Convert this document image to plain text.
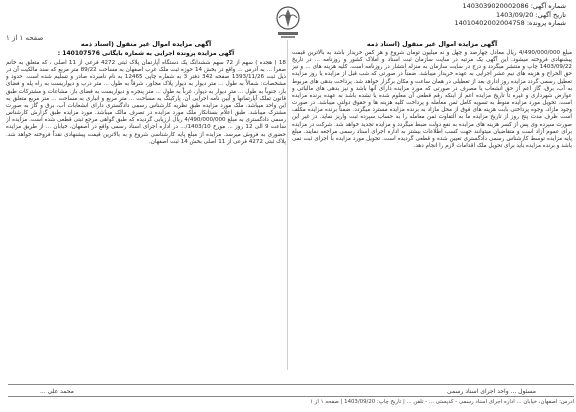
شماره آگهی: 1403039020002086
تاریخ آگهی: 1403/09/20
شماره پرونده: 14010402002004758
صفحه ۱ از ۱
آگهی مزایده اموال غیر منقول (اسناد ذمه

مبلغ 4/490/000/000 ریال معادل چهارصد و چهل و نه میلیون تومان شروع و هر کس خریدار باشد به بالاترین قیمت پیشنهادی فروخته میشود. این آگهی یک مرتبه در سایت سازمان ثبت اسناد و املاک کشور و روزنامه ... در تاریخ 1403/09/22 چاپ و منتشر میگردد و درج در سایت سازمان به منزله انتشار در روزنامه است. کلیه هزینه های ... و نیز حق الحراج و هزینه های نیم عشر اجرایی به عهده خریدار میباشد. ضمناً در صورتی که شب قبل از مزایده یا روز مزایده تعطیل رسمی گردد مزایده روز اداری بعد از تعطیلی در همان ساعت و مکان برگزار خواهد شد. پرداخت بدهی های مربوط به آب، برق، گاز اعم از حق انشعاب یا مصرف در صورتی که مورد مزایده دارای آنها باشد و نیز بدهی های مالیاتی و عوارض شهرداری و غیره تا تاریخ مزایده اعم از اینکه رقم قطعی آن معلوم شده یا نشده باشد به عهده برنده مزایده است. تحویل مورد مزایده منوط به تسویه کامل ثمن معامله و پرداخت کلیه هزینه ها و حقوق دولتی میباشد. در صورت وجود مازاد، وجوه پرداختی بابت هزینه های فوق از محل مازاد به برنده مزایده مسترد میگردد. ضمناً برنده مزایده مکلف است ظرف مدت پنج روز از تاریخ مزایده ما به التفاوت ثمن معامله را به حساب سپرده ثبت واریز نماید. در غیر این صورت سپرده وی پس از کسر هزینه های مزایده به نفع دولت ضبط میگردد و مزایده تجدید خواهد شد. شرکت در مزایده برای عموم آزاد است و متقاضیان میتوانند جهت کسب اطلاعات بیشتر به اداره اجرای اسناد رسمی مراجعه نمایند. مبلغ پایه مزایده توسط کارشناس رسمی دادگستری تعیین شده و قطعی گردیده است. تحویل مورد مزایده با اجرای ثبت نمی باشد و برنده مزایده باید برای تحویل ملک اقدامات لازم را انجام دهد.

آگهی مزایده اموال غیر منقول (اسناد ذمه
آگهی مزایده پرونده اجرایی به شماره بایگانی 140107576 :

18 ( هجده ) سهم از 72 سهم ششدانگ یک دستگاه آپارتمان پلاک ثبتی 4272 فرعی از 11 اصلی ، که متعلق به خانم صغرا ... به آدرس ... واقع در بخش 14 حوزه ثبت ملک غرب اصفهان به مساحت 89/22 متر مربع که سند مالکیت آن در ذیل ثبت 1393/11/26 صفحه 342 دفتر 3 به شماره چاپی 12465 به نام نامبرده صادر و تسلیم شده است. حدود و مشخصات: شمالاً به طول ... متر دیوار به دیوار پلاک مجاور، شرقاً به طول ... متر درب و دیواریست به راه پله و فضای باز، جنوباً به طول ... متر دیوار به دیوار، غرباً به طول ... متر پنجره و دیواریست به فضای باز. مشاعات و مشترکات طبق قانون تملک آپارتمانها و آیین نامه اجرایی آن. پارکینگ به مساحت ... متر مربع و انباری به مساحت ... متر مربع متعلق به این واحد میباشد. ملک مورد مزایده طبق نظریه کارشناس رسمی دادگستری دارای انشعابات آب، برق و گاز به صورت مشترک میباشد. طبق اعلام بستانکار ملک مورد مزایده در تصرف مالک میباشد. مورد مزایده طبق گزارش کارشناس رسمی دادگستری به مبلغ 4/490/000/000 ریال ارزیابی گردیده که طبق گواهی مرجع ثبتی قطعی شده است. مزایده از ساعت 9 الی 12 روز ... مورخ 1403/10/... در اداره اجرای اسناد رسمی واقع در اصفهان، خیابان ... از طریق مزایده حضوری به فروش میرسد. مزایده از مبلغ پایه کارشناسی شروع و به بالاترین قیمت پیشنهادی نقداً فروخته خواهد شد. پلاک ثبتی 4272 فرعی از 11 اصلی بخش 14 ثبت اصفهان.

محمد علی ...	مسئول ... واحد اجرای اسناد رسمی
آدرس: اصفهان، خیابان ... اداره اجرای اسناد رسمی - کدپستی ... - تلفن ... | تاریخ چاپ: 1403/09/20 | صفحه ۱ از ۱
